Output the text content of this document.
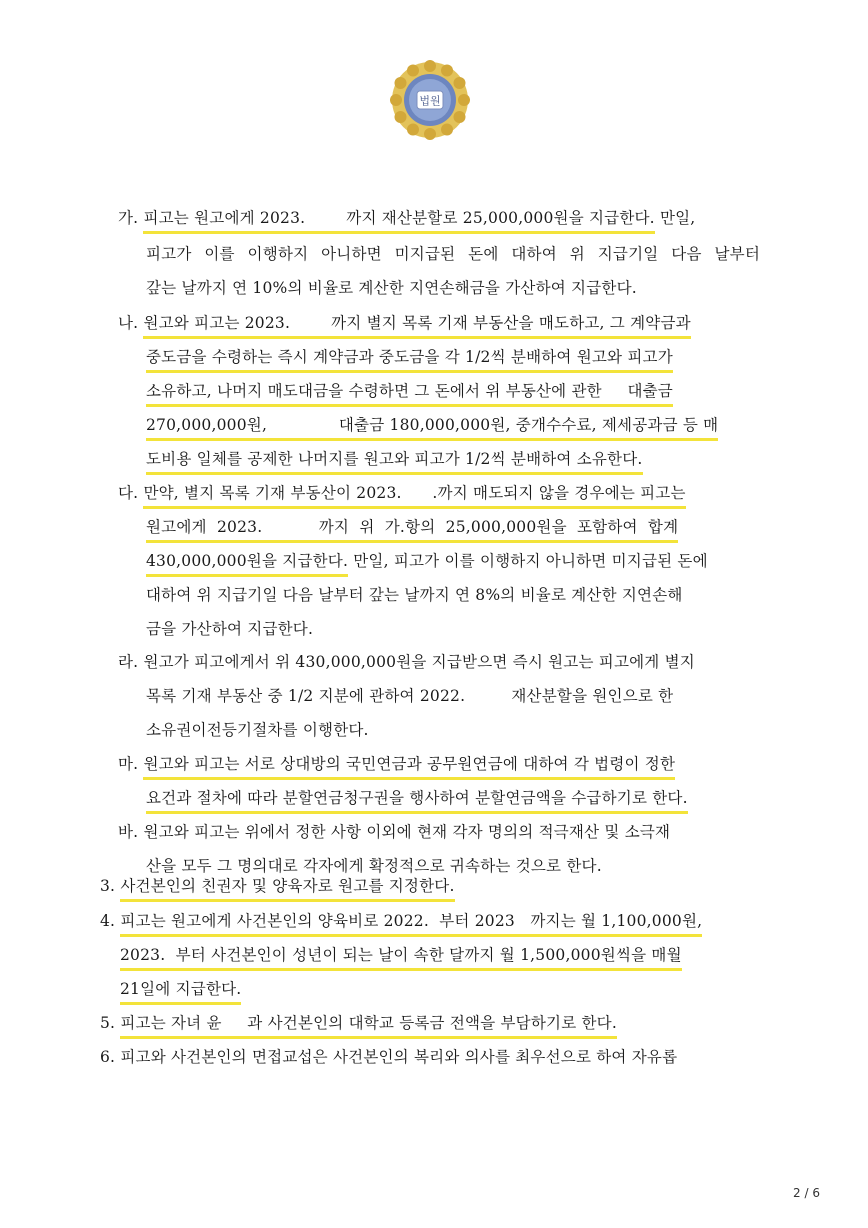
법원
가. 피고는 원고에게 2023.        까지 재산분할로 25,000,000원을 지급한다. 만일,
피고가 이를 이행하지 아니하면 미지급된 돈에 대하여 위 지급기일 다음 날부터
갚는 날까지 연 10%의 비율로 계산한 지연손해금을 가산하여 지급한다.
나. 원고와 피고는 2023.        까지 별지 목록 기재 부동산을 매도하고, 그 계약금과
중도금을 수령하는 즉시 계약금과 중도금을 각 1/2씩 분배하여 원고와 피고가
소유하고, 나머지 매도대금을 수령하면 그 돈에서 위 부동산에 관한     대출금
270,000,000원,              대출금 180,000,000원, 중개수수료, 제세공과금 등 매
도비용 일체를 공제한 나머지를 원고와 피고가 1/2씩 분배하여 소유한다.
다. 만약, 별지 목록 기재 부동산이 2023.      .까지 매도되지 않을 경우에는 피고는
원고에게  2023.           까지  위  가.항의  25,000,000원을  포함하여  합계
430,000,000원을 지급한다. 만일, 피고가 이를 이행하지 아니하면 미지급된 돈에
대하여 위 지급기일 다음 날부터 갚는 날까지 연 8%의 비율로 계산한 지연손해
금을 가산하여 지급한다.
라. 원고가 피고에게서 위 430,000,000원을 지급받으면 즉시 원고는 피고에게 별지
목록 기재 부동산 중 1/2 지분에 관하여 2022.         재산분할을 원인으로 한
소유권이전등기절차를 이행한다.
마. 원고와 피고는 서로 상대방의 국민연금과 공무원연금에 대하여 각 법령이 정한
요건과 절차에 따라 분할연금청구권을 행사하여 분할연금액을 수급하기로 한다.
바. 원고와 피고는 위에서 정한 사항 이외에 현재 각자 명의의 적극재산 및 소극재
산을 모두 그 명의대로 각자에게 확정적으로 귀속하는 것으로 한다.
3. 사건본인의 친권자 및 양육자로 원고를 지정한다.
4. 피고는 원고에게 사건본인의 양육비로 2022.  부터 2023   까지는 월 1,100,000원,
2023.  부터 사건본인이 성년이 되는 날이 속한 달까지 월 1,500,000원씩을 매월
21일에 지급한다.
5. 피고는 자녀 윤     과 사건본인의 대학교 등록금 전액을 부담하기로 한다.
6. 피고와 사건본인의 면접교섭은 사건본인의 복리와 의사를 최우선으로 하여 자유롭
2 / 6
